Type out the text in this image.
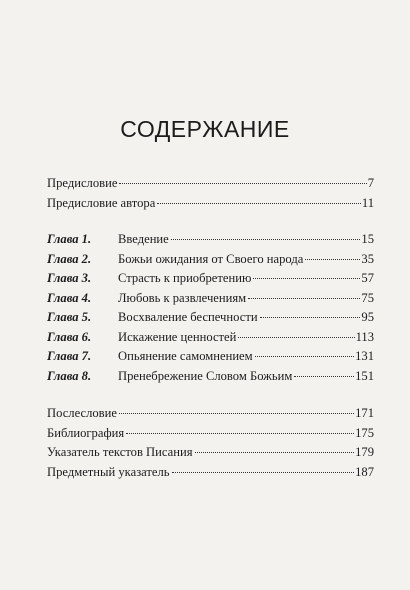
СОДЕРЖАНИЕ
Предисловие	7
Предисловие автора	11
Глава 1.	Введение	15
Глава 2.	Божьи ожидания от Своего народа	35
Глава 3.	Страсть к приобретению	57
Глава 4.	Любовь к развлечениям	75
Глава 5.	Восхваление беспечности	95
Глава 6.	Искажение ценностей	113
Глава 7.	Опьянение самомнением	131
Глава 8.	Пренебрежение Словом Божьим	151
Послесловие	171
Библиография	175
Указатель текстов Писания	179
Предметный указатель	187
